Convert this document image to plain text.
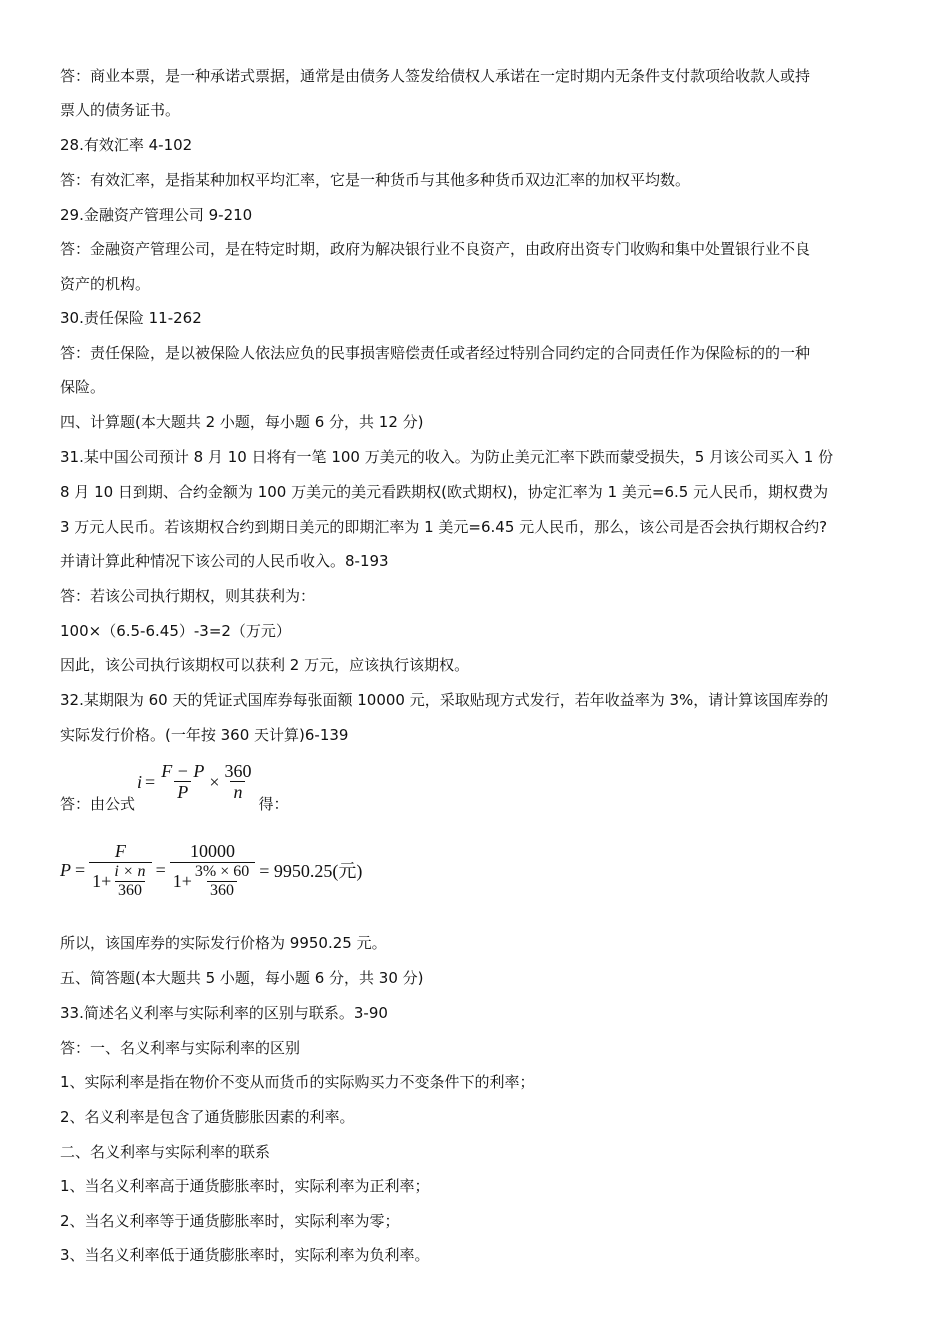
答：商业本票，是一种承诺式票据，通常是由债务人签发给债权人承诺在一定时期内无条件支付款项给收款人或持
票人的债务证书。
28.有效汇率 4-102
答：有效汇率，是指某种加权平均汇率，它是一种货币与其他多种货币双边汇率的加权平均数。
29.金融资产管理公司 9-210
答：金融资产管理公司，是在特定时期，政府为解决银行业不良资产，由政府出资专门收购和集中处置银行业不良
资产的机构。
30.责任保险 11-262
答：责任保险，是以被保险人依法应负的民事损害赔偿责任或者经过特别合同约定的合同责任作为保险标的的一种
保险。
四、计算题(本大题共 2 小题，每小题 6 分，共 12 分)
31.某中国公司预计 8 月 10 日将有一笔 100 万美元的收入。为防止美元汇率下跌而蒙受损失，5 月该公司买入 1 份
8 月 10 日到期、合约金额为 100 万美元的美元看跌期权(欧式期权)，协定汇率为 1 美元=6.5 元人民币，期权费为
3 万元人民币。若该期权合约到期日美元的即期汇率为 1 美元=6.45 元人民币，那么，该公司是否会执行期权合约?
并请计算此种情况下该公司的人民币收入。8-193
答：若该公司执行期权，则其获利为：
100×（6.5-6.45）-3=2（万元）
因此，该公司执行该期权可以获利 2 万元，应该执行该期权。
32.某期限为 60 天的凭证式国库券每张面额 10000 元，采取贴现方式发行，若年收益率为 3%，请计算该国库券的
实际发行价格。(一年按 360 天计算)6-139
答：由公式
$i = \frac{F - P}{P} \times \frac{360}{n}$
得：
$P = \frac{F}{1+ \frac{i \times n}{360}} = \frac{10000}{1+ \frac{3\% \times 60}{360}} = 9950.25$(元)
所以，该国库券的实际发行价格为 9950.25 元。
五、简答题(本大题共 5 小题，每小题 6 分，共 30 分)
33.简述名义利率与实际利率的区别与联系。3-90
答：一、名义利率与实际利率的区别
1、实际利率是指在物价不变从而货币的实际购买力不变条件下的利率；
2、名义利率是包含了通货膨胀因素的利率。
二、名义利率与实际利率的联系
1、当名义利率高于通货膨胀率时，实际利率为正利率；
2、当名义利率等于通货膨胀率时，实际利率为零；
3、当名义利率低于通货膨胀率时，实际利率为负利率。
